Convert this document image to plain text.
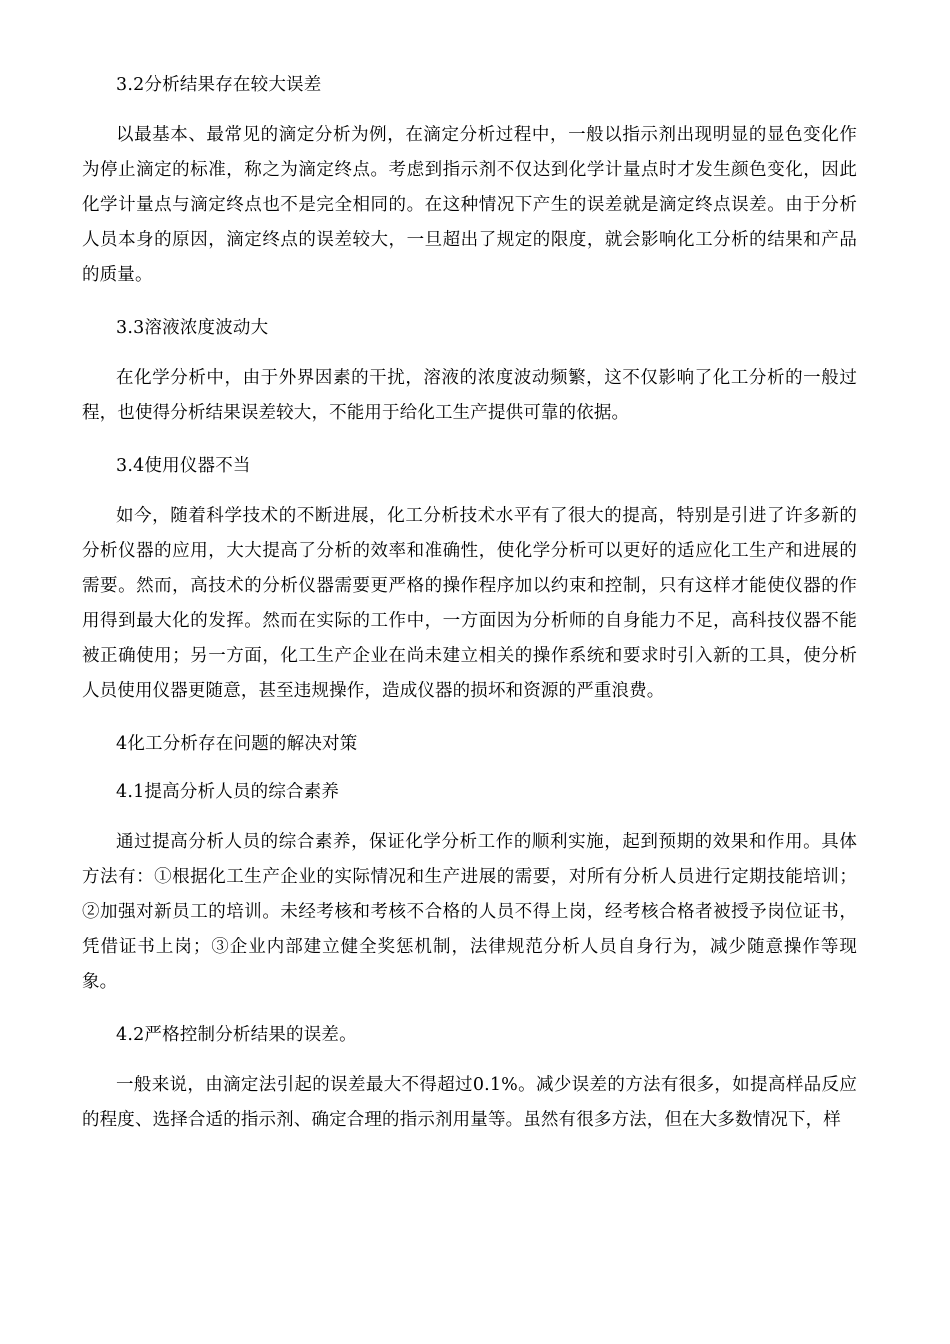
3.2分析结果存在较大误差

以最基本、最常见的滴定分析为例，在滴定分析过程中，一般以指示剂出现明显的显色变化作为停止滴定的标准，称之为滴定终点。考虑到指示剂不仅达到化学计量点时才发生颜色变化，因此化学计量点与滴定终点也不是完全相同的。在这种情况下产生的误差就是滴定终点误差。由于分析人员本身的原因，滴定终点的误差较大，一旦超出了规定的限度，就会影响化工分析的结果和产品的质量。

3.3溶液浓度波动大

在化学分析中，由于外界因素的干扰，溶液的浓度波动频繁，这不仅影响了化工分析的一般过程，也使得分析结果误差较大，不能用于给化工生产提供可靠的依据。

3.4使用仪器不当

如今，随着科学技术的不断进展，化工分析技术水平有了很大的提高，特别是引进了许多新的分析仪器的应用，大大提高了分析的效率和准确性，使化学分析可以更好的适应化工生产和进展的需要。然而，高技术的分析仪器需要更严格的操作程序加以约束和控制，只有这样才能使仪器的作用得到最大化的发挥。然而在实际的工作中，一方面因为分析师的自身能力不足，高科技仪器不能被正确使用；另一方面，化工生产企业在尚未建立相关的操作系统和要求时引入新的工具，使分析人员使用仪器更随意，甚至违规操作，造成仪器的损坏和资源的严重浪费。

4化工分析存在问题的解决对策

4.1提高分析人员的综合素养

通过提高分析人员的综合素养，保证化学分析工作的顺利实施，起到预期的效果和作用。具体方法有：①根据化工生产企业的实际情况和生产进展的需要，对所有分析人员进行定期技能培训；②加强对新员工的培训。未经考核和考核不合格的人员不得上岗，经考核合格者被授予岗位证书，凭借证书上岗；③企业内部建立健全奖惩机制，法律规范分析人员自身行为，减少随意操作等现象。

4.2严格控制分析结果的误差。

一般来说，由滴定法引起的误差最大不得超过0.1%。减少误差的方法有很多，如提高样品反应的程度、选择合适的指示剂、确定合理的指示剂用量等。虽然有很多方法，但在大多数情况下，样
